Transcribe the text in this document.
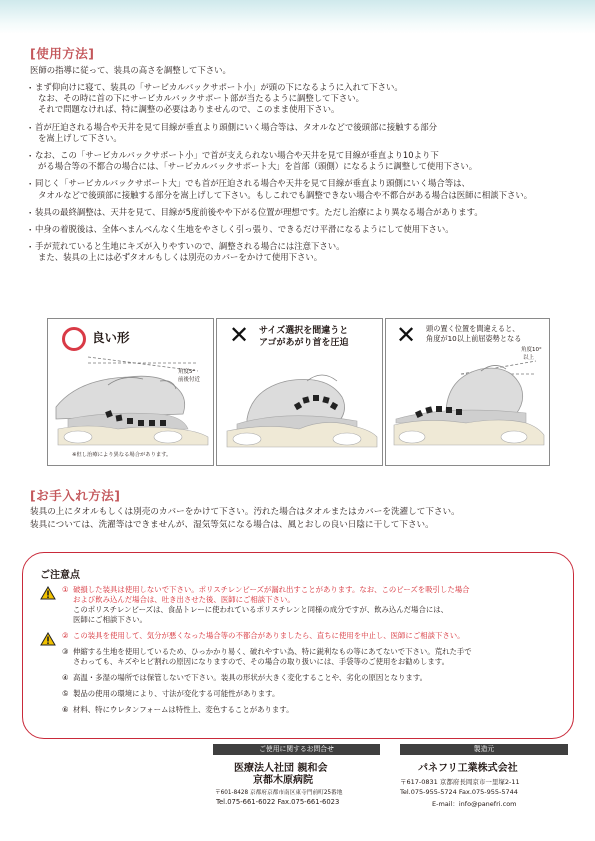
[使用方法]
医師の指導に従って、装具の高さを調整して下さい。
・ まず仰向けに寝て、装具の「サービカルバックサポート小」が頭の下になるように入れて下さい。
なお、その時に首の下にサービカルバックサポート部が当たるように調整して下さい。
それで問題なければ、特に調整の必要はありませんので、このまま使用下さい。
・ 首が圧迫される場合や天井を見て目線が垂直より頭側にいく場合等は、タオルなどで後頭部に接触する部分
を嵩上げして下さい。
・ なお、この「サービカルバックサポート小」で首が支えられない場合や天井を見て目線が垂直より10より下
がる場合等の不都合の場合には、「サービカルバックサポート大」を首部（頭側）になるように調整して使用下さい。
・ 同じく「サービカルバックサポート大」でも首が圧迫される場合や天井を見て目線が垂直より頭側にいく場合等は、
タオルなどで後頭部に接触する部分を嵩上げして下さい。もしこれでも調整できない場合や不都合がある場合は医師に相談下さい。
・ 装具の最終調整は、天井を見て、目線が5度前後やや下がる位置が理想です。ただし治療により異なる場合があります。
・ 中身の着脱後は、全体へまんべんなく生地をやさしく引っ張り、できるだけ平滑になるようにして使用下さい。
・ 手が荒れていると生地にキズが入りやすいので、調整される場合には注意下さい。
また、装具の上には必ずタオルもしくは別売のカバーをかけて使用下さい。
良い形
角度5°
前後付近
※但し治療により異なる場合があります。
✕ サイズ選択を間違うと
アゴがあがり首を圧迫 ✕ 頭の置く位置を間違えると、
角度が10以上前屈姿勢となる
角度10°
以上
[お手入れ方法]
装具の上にタオルもしくは別売のカバーをかけて下さい。汚れた場合はタオルまたはカバーを洗濯して下さい。
装具については、洗濯等はできませんが、湿気等気になる場合は、風とおしの良い日陰に干して下さい。
ご注意点
① 破損した装具は使用しないで下さい。ポリスチレンビーズが漏れ出すことがあります。なお、このビーズを吸引した場合
および飲み込んだ場合は、吐き出させた後、医師にご相談下さい。
このポリスチレンビーズは、食品トレーに使われているポリスチレンと同様の成分ですが、飲み込んだ場合には、
医師にご相談下さい。
② この装具を使用して、気分が悪くなった場合等の不都合がありましたら、直ちに使用を中止し、医師にご相談下さい。
③ 伸縮する生地を使用しているため、ひっかかり易く、破れやすい為、特に鋭利なもの等にあてないで下さい。荒れた手で
さわっても、キズやヒビ割れの原因になりますので、その場合の取り扱いには、手袋等のご使用をお勧めします。
④ 高温・多湿の場所では保管しないで下さい。装具の形状が大きく変化することや、劣化の原因となります。
⑤ 製品の使用の環境により、寸法が変化する可能性があります。
⑥ 材料、特にウレタンフォームは特性上、変色することがあります。
ご使用に関するお問合せ
医療法人社団 親和会
京都木原病院
〒601-8428 京都府京都市南区東寺門前町25番地
Tel.075-661-6022 Fax.075-661-6023
製造元
パネフリ工業株式会社
〒617-0831 京都府長岡京市一里塚2-11
Tel.075-955-5724 Fax.075-955-5744
E-mail：info@panefri.com
